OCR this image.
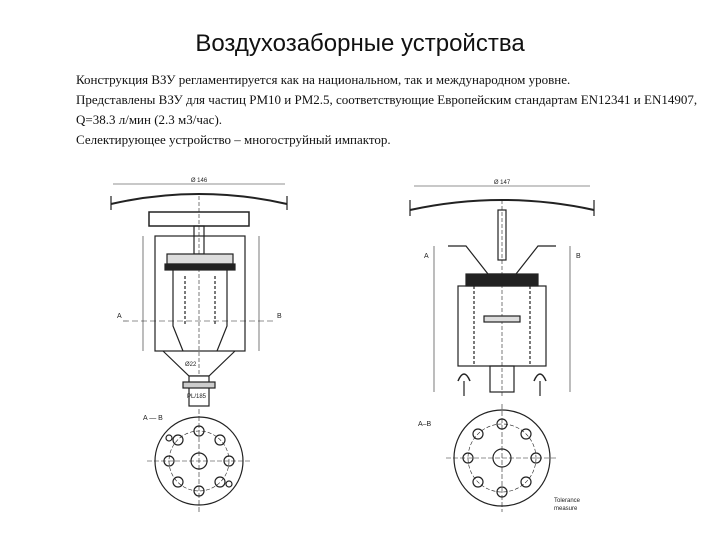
Воздухозаборные устройства

Конструкция ВЗУ регламентируется как на национальном, так и международном уровне.

Представлены ВЗУ для частиц PM10 и PM2.5, соответствующие Европейским стандартам EN12341 и EN14907, Q=38.3 л/мин (2.3 м3/час).

Селектирующее устройство – многоструйный импактор.

Ø 146
Ø22
PL/185
A	B
A — B
Ø 147
A	B
A–B
Tolerance measure
